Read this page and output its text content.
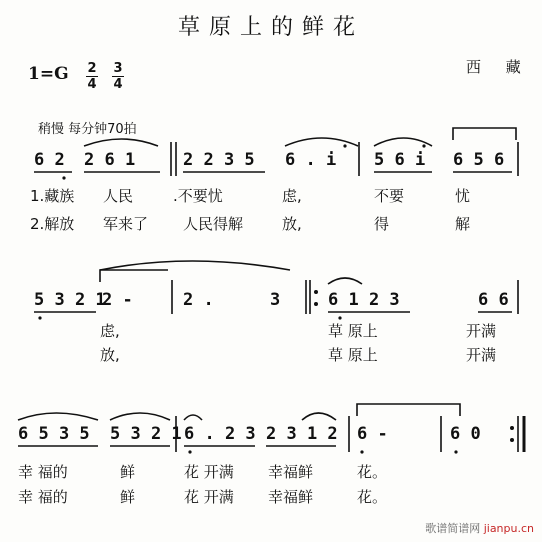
草原上的鲜花
西 藏
1=G 2
4
3
4
稍慢 每分钟70拍
6 2 2 6 1	2 2 3 5 6 . i 5 6 i 6 5 6
1.藏族 人民	.不要忧	虑,	不要	忧
2.解放 军来了 人民得解	放,	得	解
5 3 2 1
2 -	2 .	3	6 1 2 3	6 6
虑,	草 原上	开满
放,	草 原上	开满
6 5 3 5 5 3 2 1 6 . 2 3 2 3 1 2 6 -	6 0
幸 福的	鲜	花 开满 幸福鲜	花。
幸 福的	鲜	花 开满 幸福鲜	花。
歌谱简谱网 jianpu.cn
